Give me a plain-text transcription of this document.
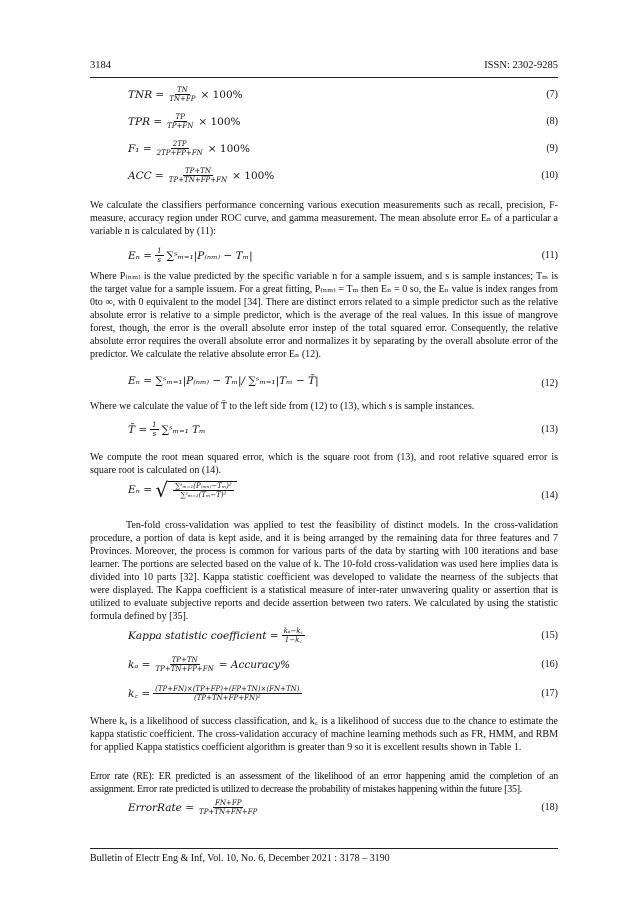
3184	ISSN: 2302-9285
TNR = $\frac{TN}{TN+FP} \times 100\%$	(7)
TPR = $\frac{TP}{TP+FN} \times 100\%$	(8)
$F_1 = \frac{2TP}{2TP+FP+FN} \times 100\%$	(9)
ACC = $\frac{TP+TN}{TP+TN+FP+FN} \times 100\%$	(10)
We calculate the classifiers performance concerning various execution measurements such as recall, precision, F-measure, accuracy region under ROC curve, and gamma measurement. The mean absolute error Eₙ of a particular a variable n is calculated by (11):
$E_n = \frac{1}{s}$ ∑ˢₘ₌₁|P₍ₙₘ₎ − Tₘ|	(11)
Where P₍ₙₘ₎ is the value predicted by the specific variable n for a sample issuem, and s is sample instances; Tₘ is the target value for a sample issuem. For a great fitting, P₍ₙₘ₎ = Tₘ then Eₙ = 0 so, the Eₙ value is index ranges from 0to ∞, with 0 equivalent to the model [34]. There are distinct errors related to a simple predictor such as the relative absolute error is relative to a simple predictor, which is the average of the real values. In this issue of mangrove forest, though, the error is the overall absolute error instep of the total squared error. Consequently, the relative absolute error requires the overall absolute error and normalizes it by separating by the overall absolute error of the predictor. We calculate the relative absolute error Eₙ (12).
Eₙ =
∑ˢₘ₌₁|P₍ₙₘ₎ − Tₘ|/ ∑ˢₘ₌₁|Tₘ − T̄|	(12)
Where we calculate the value of T̄ to the left side from (12) to (13), which s is sample instances.
T̄ = $\frac{1}{s}$ ∑ˢₘ₌₁ Tₘ	(13)
We compute the root mean squared error, which is the square root from (13), and root relative squared error is square root is calculated on (14).
Eₙ =
√ $\frac{\text{∑ˢₘ₌₁(P₍ₙₘ₎−Tₘ)²}}{\text{∑ˢₘ₌₁(Tₘ−T̄)²}}$	(14)
Ten-fold cross-validation was applied to test the feasibility of distinct models. In the cross-validation procedure, a portion of data is kept aside, and it is being arranged by the remaining data for three features and 7 Provinces. Moreover, the process is common for various parts of the data by starting with 100 iterations and base learner. The portions are selected based on the value of k. The 10-fold cross-validation was used here implies data is divided into 10 parts [32]. Kappa statistic coefficient was developed to validate the nearness of the subjects that were displayed. The Kappa coefficient is a statistical measure of inter-rater unwavering quality or assertion that is utilized to evaluate subjective reports and decide assertion between two raters. We calculated by using the statistic formula defined by [35].
Kappa statistic coefficient = $\frac{\text{kₐ−k꜀}}{1-k꜀}$	(15)
$k_a = \frac{TP+TN}{TP+TN+FP+FN}$ = Accuracy%	(16)
k꜀ = $\frac{(TP+FN)\times(TP+FP)+(FP+TN)\times(FN+TN)}{\text{(TP+TN+FP+FN)²}}$	(17)
Where kₐ is a likelihood of success classification, and k꜀ is a likelihood of success due to the chance to estimate the kappa statistic coefficient. The cross-validation accuracy of machine learning methods such as FR, HMM, and RBM for applied Kappa statistics coefficient algorithm is greater than 9 so it is excellent results shown in Table 1.
Error rate (RE): ER predicted is an assessment of the likelihood of an error happening amid the completion of an assignment. Error rate predicted is utilized to decrease the probability of mistakes happening within the future [35].
ErrorRate = $\frac{FN+FP}{TP+TN+FN+FP}$	(18)
Bulletin of Electr Eng & Inf, Vol. 10, No. 6, December 2021 : 3178 – 3190
